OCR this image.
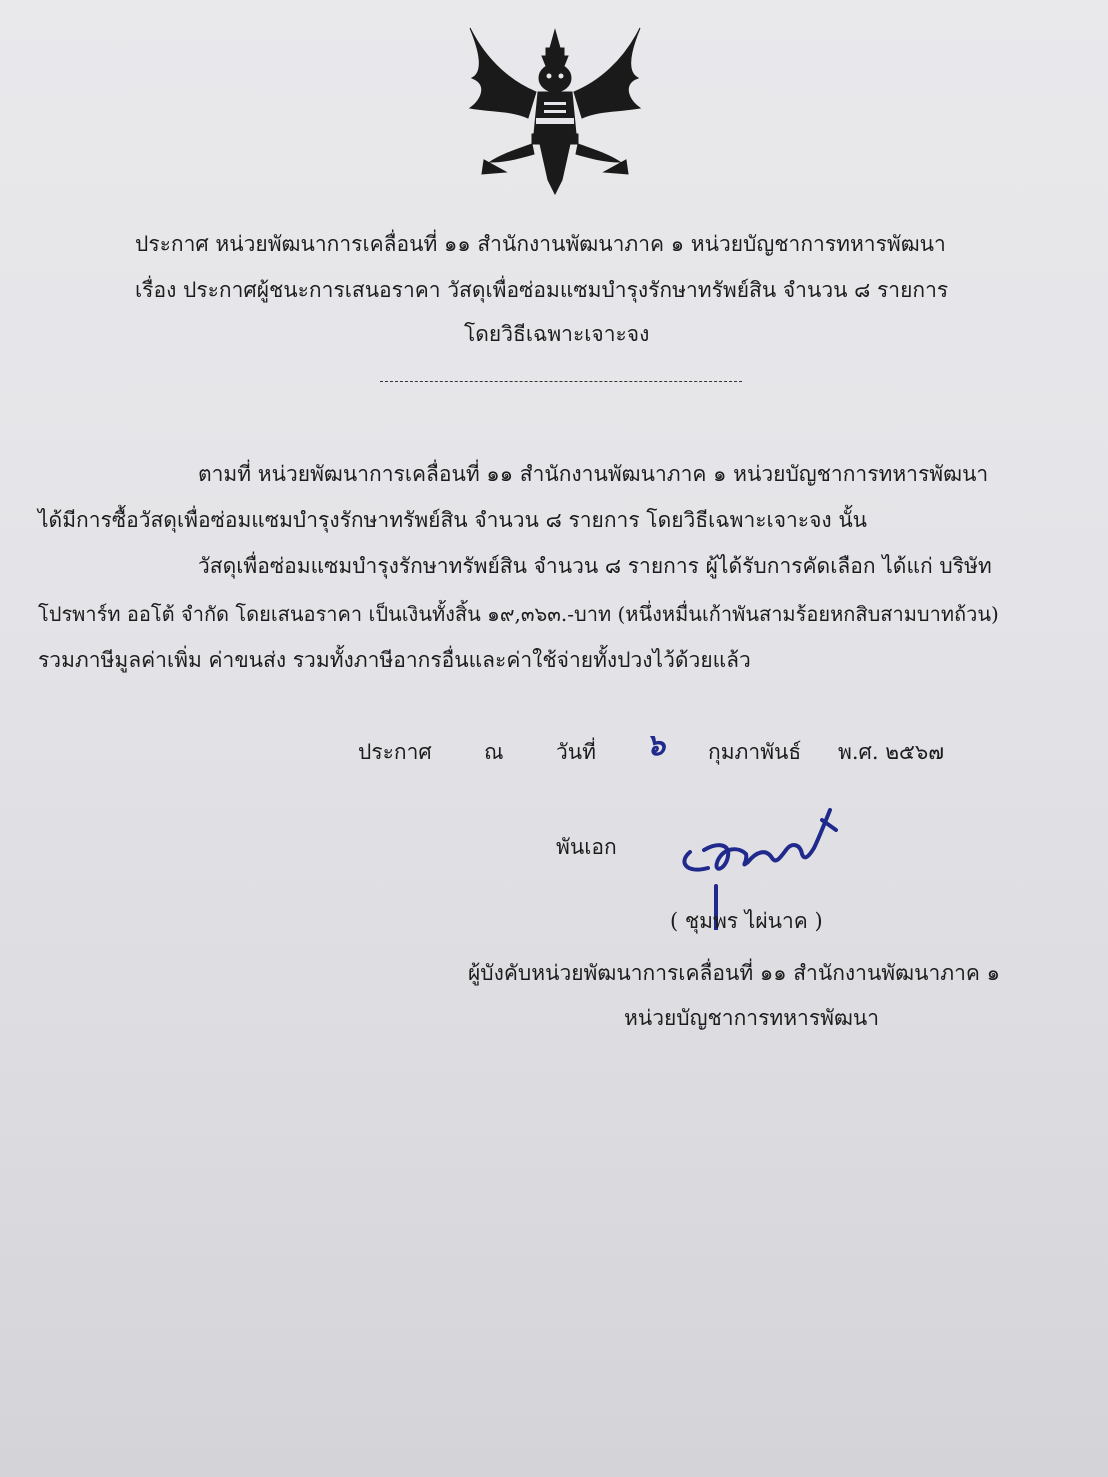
ประกาศ หน่วยพัฒนาการเคลื่อนที่ ๑๑ สำนักงานพัฒนาภาค ๑ หน่วยบัญชาการทหารพัฒนา
เรื่อง ประกาศผู้ชนะการเสนอราคา วัสดุเพื่อซ่อมแซมบำรุงรักษาทรัพย์สิน จำนวน ๘ รายการ
โดยวิธีเฉพาะเจาะจง
ตามที่ หน่วยพัฒนาการเคลื่อนที่ ๑๑ สำนักงานพัฒนาภาค ๑ หน่วยบัญชาการทหารพัฒนา
ได้มีการซื้อวัสดุเพื่อซ่อมแซมบำรุงรักษาทรัพย์สิน จำนวน ๘ รายการ โดยวิธีเฉพาะเจาะจง นั้น
วัสดุเพื่อซ่อมแซมบำรุงรักษาทรัพย์สิน จำนวน ๘ รายการ ผู้ได้รับการคัดเลือก ได้แก่ บริษัท
โปรพาร์ท ออโต้ จำกัด โดยเสนอราคา เป็นเงินทั้งสิ้น ๑๙,๓๖๓.-บาท (หนึ่งหมื่นเก้าพันสามร้อยหกสิบสามบาทถ้วน)
รวมภาษีมูลค่าเพิ่ม ค่าขนส่ง รวมทั้งภาษีอากรอื่นและค่าใช้จ่ายทั้งปวงไว้ด้วยแล้ว
ประกาศ ณ	วันที่ ๖ กุมภาพันธ์ พ.ศ. ๒๕๖๗
พันเอก
( ชุมพร ไผ่นาค )
ผู้บังคับหน่วยพัฒนาการเคลื่อนที่ ๑๑ สำนักงานพัฒนาภาค ๑
หน่วยบัญชาการทหารพัฒนา
